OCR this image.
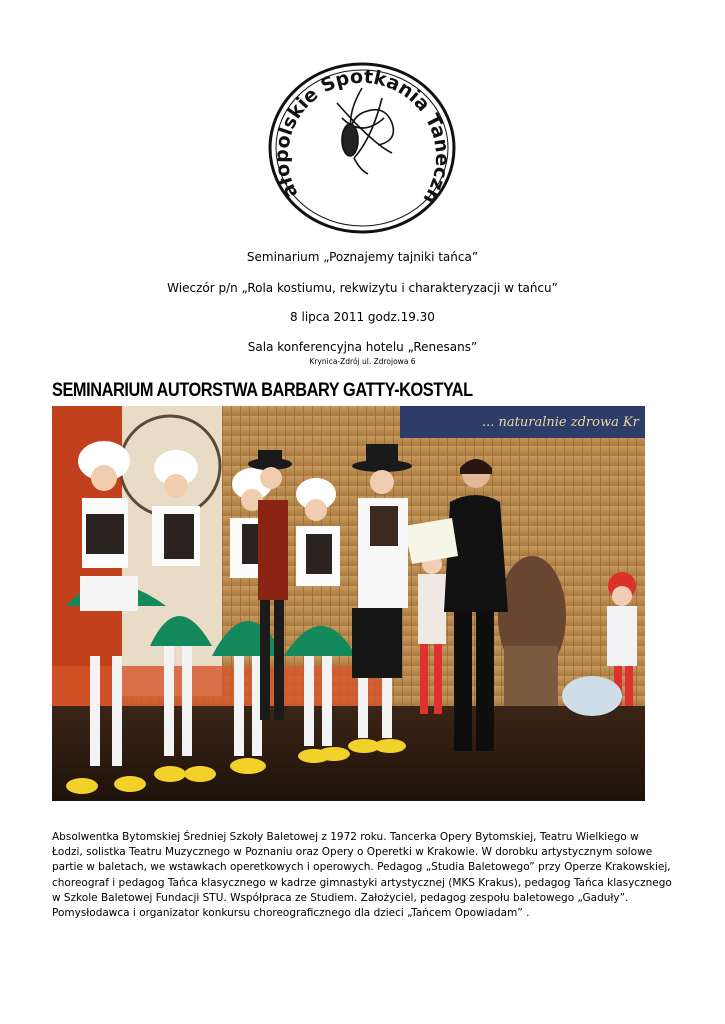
ałopolskie Spotkania Taneczn
Seminarium „Poznajemy tajniki tańca”
Wieczór p/n „Rola kostiumu, rekwizytu i charakteryzacji w tańcu”
8 lipca 2011 godz.19.30
Sala konferencyjna hotelu „Renesans”
Krynica-Zdrój ul. Zdrojowa 6
SEMINARIUM AUTORSTWA BARBARY GATTY-KOSTYAL
... naturalnie zdrowa Kr

Absolwentka Bytomskiej Średniej Szkoły Baletowej z 1972 roku. Tancerka Opery Bytomskiej, Teatru Wielkiego w Łodzi, solistka Teatru Muzycznego w Poznaniu oraz Opery o Operetki w Krakowie. W dorobku artystycznym solowe partie w baletach, we wstawkach operetkowych i operowych. Pedagog „Studia Baletowego” przy Operze Krakowskiej, choreograf i pedagog Tańca klasycznego w kadrze gimnastyki artystycznej (MKS Krakus), pedagog Tańca klasycznego w Szkole Baletowej Fundacji STU. Współpraca ze Studiem. Założyciel, pedagog zespołu baletowego „Gaduły”. Pomysłodawca i organizator konkursu choreograficznego dla dzieci „Tańcem Opowiadam” .
